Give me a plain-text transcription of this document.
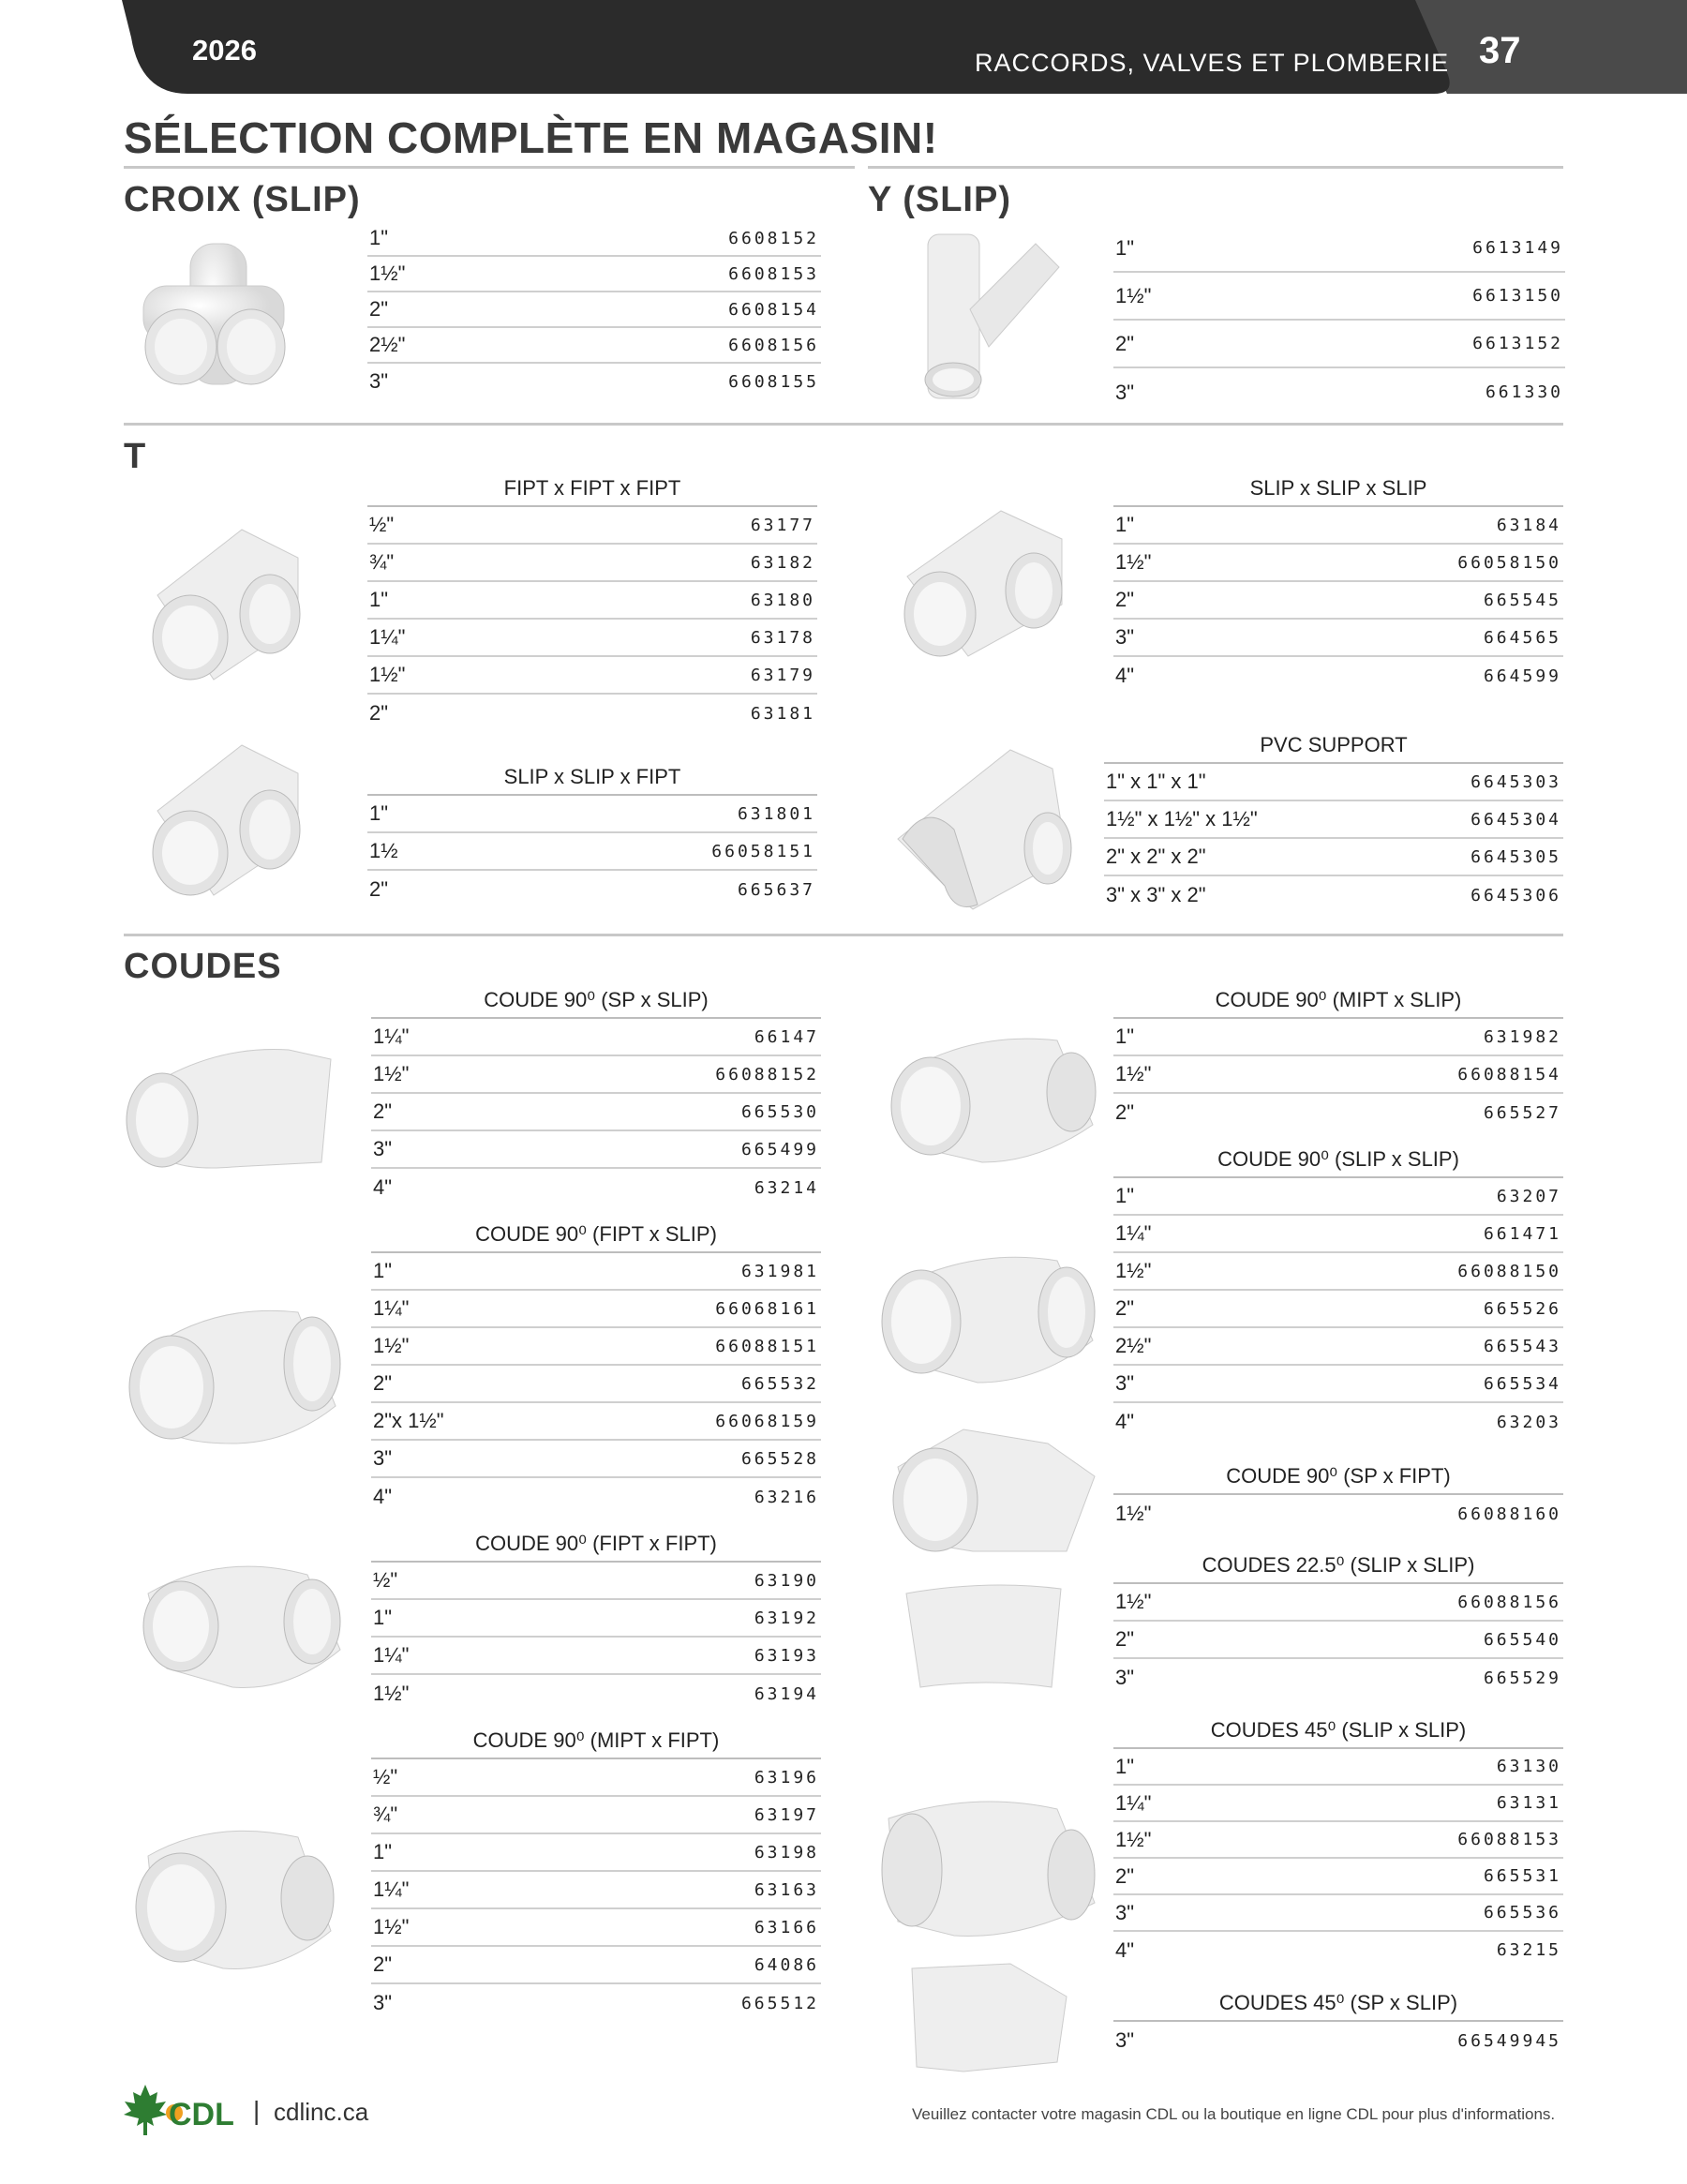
2026	RACCORDS, VALVES ET PLOMBERIE 37
SÉLECTION COMPLÈTE EN MAGASIN!
CROIX (SLIP)
1"	6608152
1½"	6608153
2"	6608154
2½"	6608156
3"	6608155
Y (SLIP)
1"	6613149
1½"	6613150
2"	6613152
3"	661330
T
FIPT x FIPT x FIPT
½"	63177
¾"	63182
1"	63180
1¼"	63178
1½"	63179
2"	63181
SLIP x SLIP x FIPT
1"	631801
1½	66058151
2"	665637
SLIP x SLIP x SLIP
1"	63184
1½"	66058150
2"	665545
3"	664565
4"	664599
PVC SUPPORT
1" x 1" x 1"	6645303
1½" x 1½" x 1½"	6645304
2" x 2" x 2"	6645305
3" x 3" x 2"	6645306
COUDES
COUDE 90⁰ (SP x SLIP)
1¼"	66147
1½"	66088152
2"	665530
3"	665499
4"	63214
COUDE 90⁰ (FIPT x SLIP)
1"	631981
1¼"	66068161
1½"	66088151
2"	665532
2"x 1½"	66068159
3"	665528
4"	63216
COUDE 90⁰ (FIPT x FIPT)
½"	63190
1"	63192
1¼"	63193
1½"	63194
COUDE 90⁰ (MIPT x FIPT)
½"	63196
¾"	63197
1"	63198
1¼"	63163
1½"	63166
2"	64086
3"	665512
COUDE 90⁰ (MIPT x SLIP)
1"	631982
1½"	66088154
2"	665527
COUDE 90⁰ (SLIP x SLIP)
1"	63207
1¼"	661471
1½"	66088150
2"	665526
2½"	665543
3"	665534
4"	63203
COUDE 90⁰ (SP x FIPT)
1½"	66088160
COUDES 22.5⁰ (SLIP x SLIP)
1½"	66088156
2"	665540
3"	665529
COUDES 45⁰ (SLIP x SLIP)
1"	63130
1¼"	63131
1½"	66088153
2"	665531
3"	665536
4"	63215
COUDES 45⁰ (SP x SLIP)
3"	66549945
CDL | cdlinc.ca	Veuillez contacter votre magasin CDL ou la boutique en ligne CDL pour plus d'informations.
